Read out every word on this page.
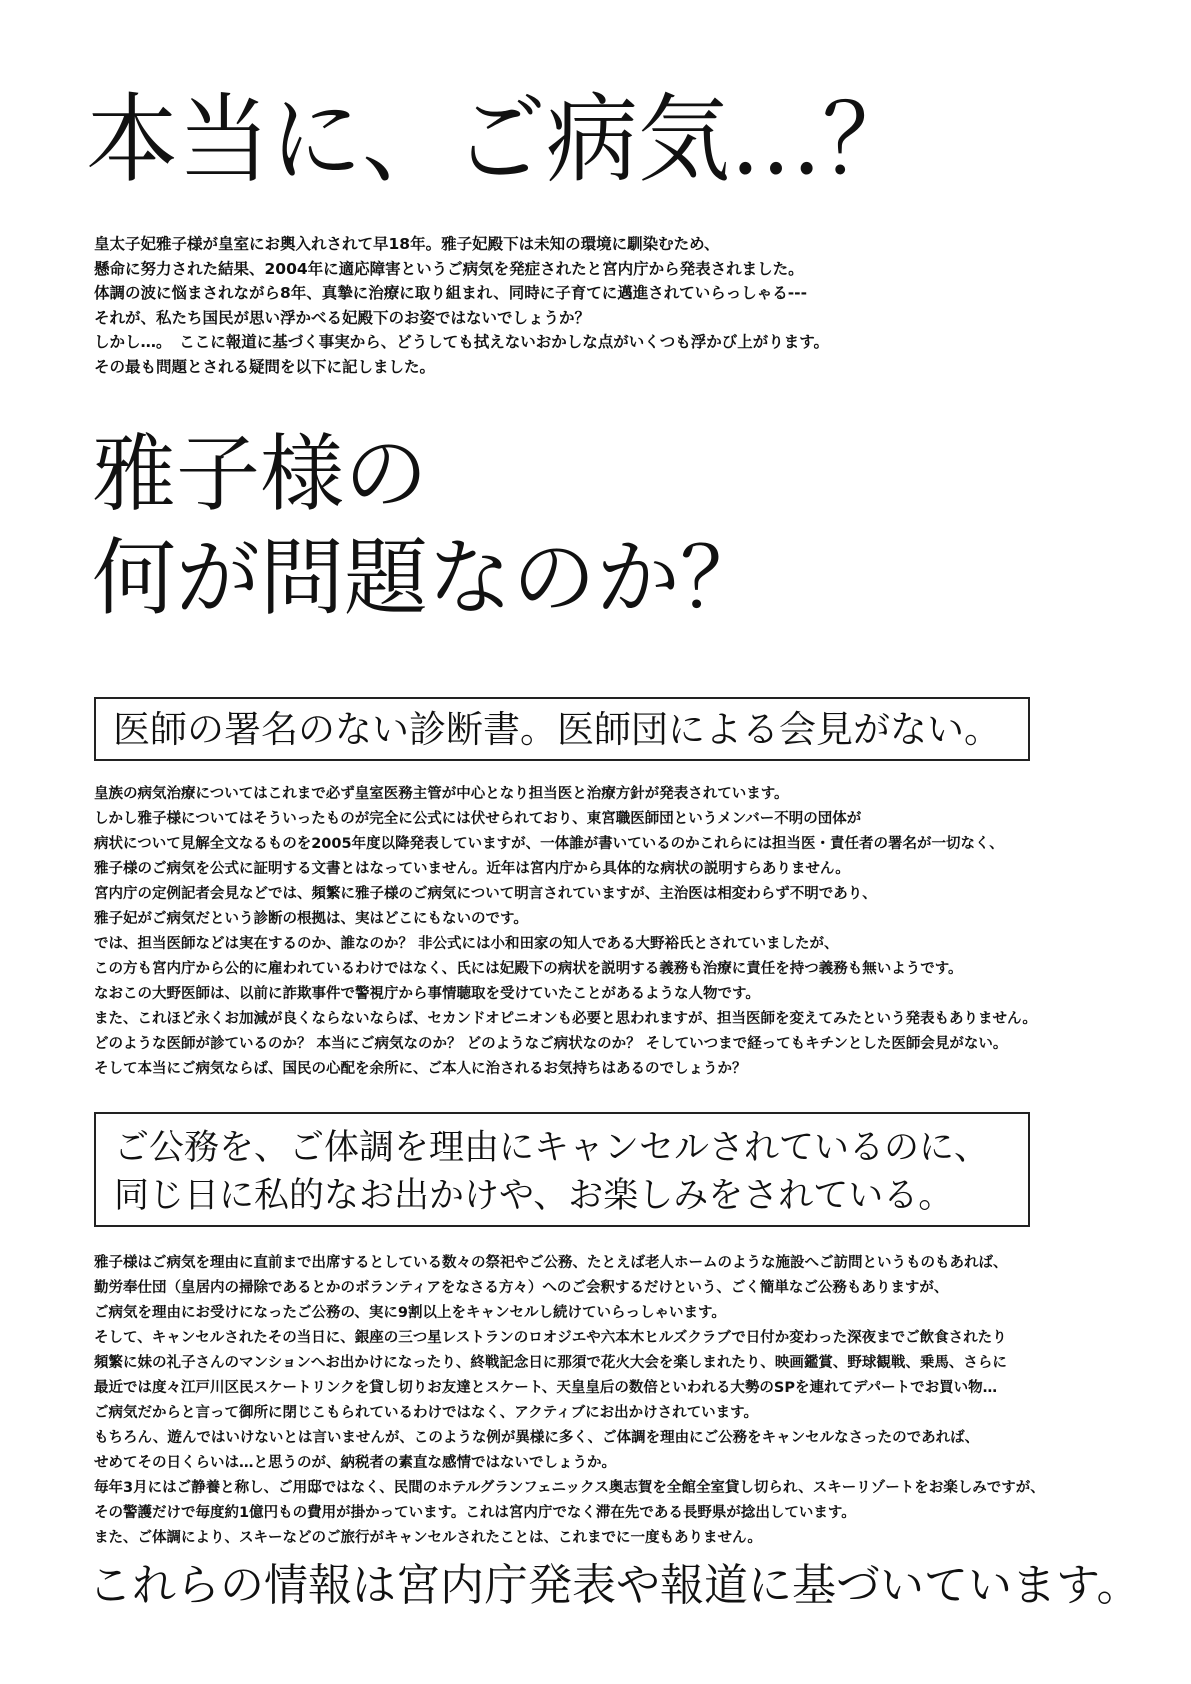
本当に、ご病気…？
皇太子妃雅子様が皇室にお輿入れされて早18年。雅子妃殿下は未知の環境に馴染むため、
懸命に努力された結果、2004年に適応障害というご病気を発症されたと宮内庁から発表されました。
体調の波に悩まされながら8年、真摯に治療に取り組まれ、同時に子育てに邁進されていらっしゃる---
それが、私たち国民が思い浮かべる妃殿下のお姿ではないでしょうか？
しかし…。　ここに報道に基づく事実から、どうしても拭えないおかしな点がいくつも浮かび上がります。
その最も問題とされる疑問を以下に記しました。
雅子様の
何が問題なのか？
医師の署名のない診断書。医師団による会見がない。
皇族の病気治療についてはこれまで必ず皇室医務主管が中心となり担当医と治療方針が発表されています。
しかし雅子様についてはそういったものが完全に公式には伏せられており、東宮職医師団というメンバー不明の団体が
病状について見解全文なるものを2005年度以降発表していますが、一体誰が書いているのかこれらには担当医・責任者の署名が一切なく、
雅子様のご病気を公式に証明する文書とはなっていません。近年は宮内庁から具体的な病状の説明すらありません。
宮内庁の定例記者会見などでは、頻繁に雅子様のご病気について明言されていますが、主治医は相変わらず不明であり、
雅子妃がご病気だという診断の根拠は、実はどこにもないのです。
では、担当医師などは実在するのか、誰なのか？ 非公式には小和田家の知人である大野裕氏とされていましたが、
この方も宮内庁から公的に雇われているわけではなく、氏には妃殿下の病状を説明する義務も治療に責任を持つ義務も無いようです。
なおこの大野医師は、以前に詐欺事件で警視庁から事情聴取を受けていたことがあるような人物です。
また、これほど永くお加減が良くならないならば、セカンドオピニオンも必要と思われますが、担当医師を変えてみたという発表もありません。
どのような医師が診ているのか？ 本当にご病気なのか？ どのようなご病状なのか？ そしていつまで経ってもキチンとした医師会見がない。
そして本当にご病気ならば、国民の心配を余所に、ご本人に治されるお気持ちはあるのでしょうか？
ご公務を、ご体調を理由にキャンセルされているのに、
同じ日に私的なお出かけや、お楽しみをされている。
雅子様はご病気を理由に直前まで出席するとしている数々の祭祀やご公務、たとえば老人ホームのような施設へご訪問というものもあれば、
勤労奉仕団（皇居内の掃除であるとかのボランティアをなさる方々）へのご会釈するだけという、ごく簡単なご公務もありますが、
ご病気を理由にお受けになったご公務の、実に9割以上をキャンセルし続けていらっしゃいます。
そして、キャンセルされたその当日に、銀座の三つ星レストランのロオジエや六本木ヒルズクラブで日付か変わった深夜までご飲食されたり
頻繁に妹の礼子さんのマンションへお出かけになったり、終戦記念日に那須で花火大会を楽しまれたり、映画鑑賞、野球観戦、乗馬、さらに
最近では度々江戸川区民スケートリンクを貸し切りお友達とスケート、天皇皇后の数倍といわれる大勢のSPを連れてデパートでお買い物…
ご病気だからと言って御所に閉じこもられているわけではなく、アクティブにお出かけされています。
もちろん、遊んではいけないとは言いませんが、このような例が異様に多く、ご体調を理由にご公務をキャンセルなさったのであれば、
せめてその日くらいは…と思うのが、納税者の素直な感情ではないでしょうか。
毎年3月にはご静養と称し、ご用邸ではなく、民間のホテルグランフェニックス奥志賀を全館全室貸し切られ、スキーリゾートをお楽しみですが、
その警護だけで毎度約1億円もの費用が掛かっています。これは宮内庁でなく滞在先である長野県が捻出しています。
また、ご体調により、スキーなどのご旅行がキャンセルされたことは、これまでに一度もありません。
これらの情報は宮内庁発表や報道に基づいています。
